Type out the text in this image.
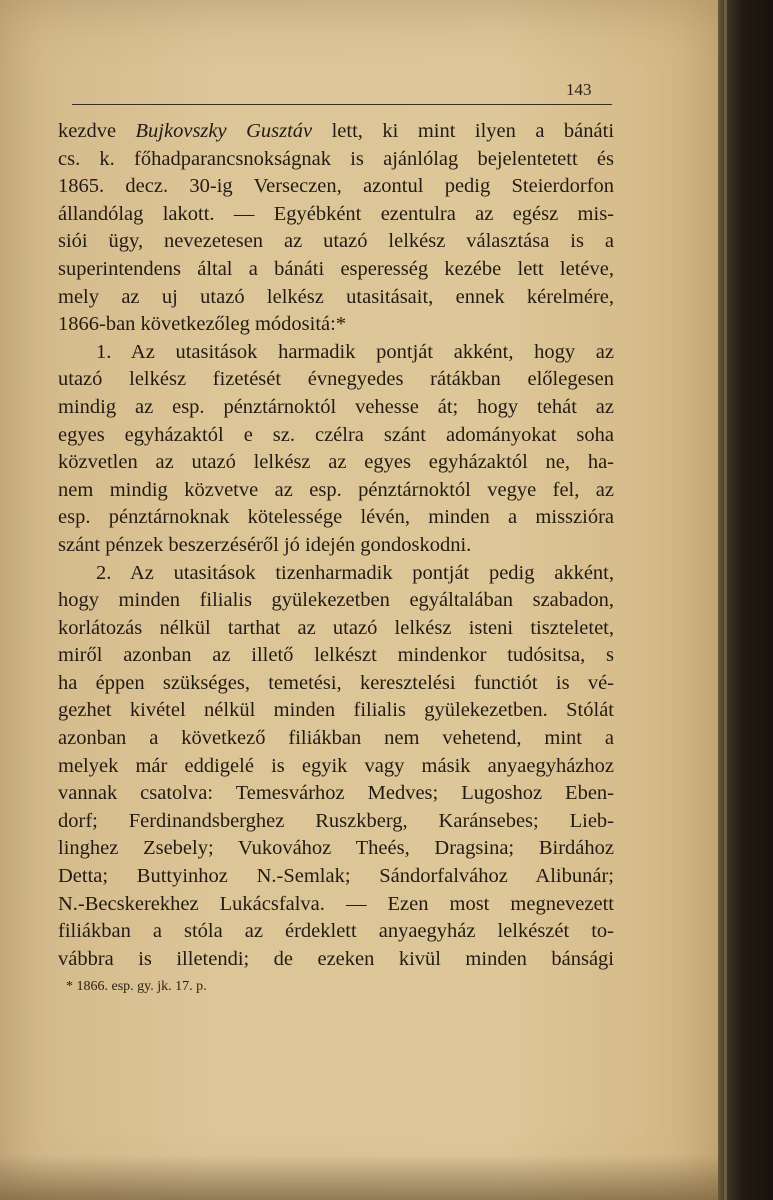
143
kezdve Bujkovszky Gusztáv lett, ki mint ilyen a bánáti
cs. k. főhadparancsnokságnak is ajánlólag bejelentetett és
1865. decz. 30-ig Verseczen, azontul pedig Steierdorfon
állandólag lakott. — Egyébként ezentulra az egész mis-
siói ügy, nevezetesen az utazó lelkész választása is a
superintendens által a bánáti esperesség kezébe lett letéve,
mely az uj utazó lelkész utasitásait, ennek kérelmére,
1866-ban következőleg módositá:*
1. Az utasitások harmadik pontját akként, hogy az
utazó lelkész fizetését évnegyedes rátákban előlegesen
mindig az esp. pénztárnoktól vehesse át; hogy tehát az
egyes egyházaktól e sz. czélra szánt adományokat soha
közvetlen az utazó lelkész az egyes egyházaktól ne, ha-
nem mindig közvetve az esp. pénztárnoktól vegye fel, az
esp. pénztárnoknak kötelessége lévén, minden a misszióra
szánt pénzek beszerzéséről jó idején gondoskodni.
2. Az utasitások tizenharmadik pontját pedig akként,
hogy minden filialis gyülekezetben egyáltalában szabadon,
korlátozás nélkül tarthat az utazó lelkész isteni tiszteletet,
miről azonban az illető lelkészt mindenkor tudósitsa, s
ha éppen szükséges, temetési, keresztelési functiót is vé-
gezhet kivétel nélkül minden filialis gyülekezetben. Stólát
azonban a következő filiákban nem vehetend, mint a
melyek már eddigelé is egyik vagy másik anyaegyházhoz
vannak csatolva: Temesvárhoz Medves; Lugoshoz Eben-
dorf; Ferdinandsberghez Ruszkberg, Karánsebes; Lieb-
linghez Zsebely; Vukovához Theés, Dragsina; Birdához
Detta; Buttyinhoz N.-Semlak; Sándorfalvához Alibunár;
N.-Becskerekhez Lukácsfalva. — Ezen most megnevezett
filiákban a stóla az érdeklett anyaegyház lelkészét to-
vábbra is illetendi; de ezeken kivül minden bánsági
* 1866. esp. gy. jk. 17. p.
